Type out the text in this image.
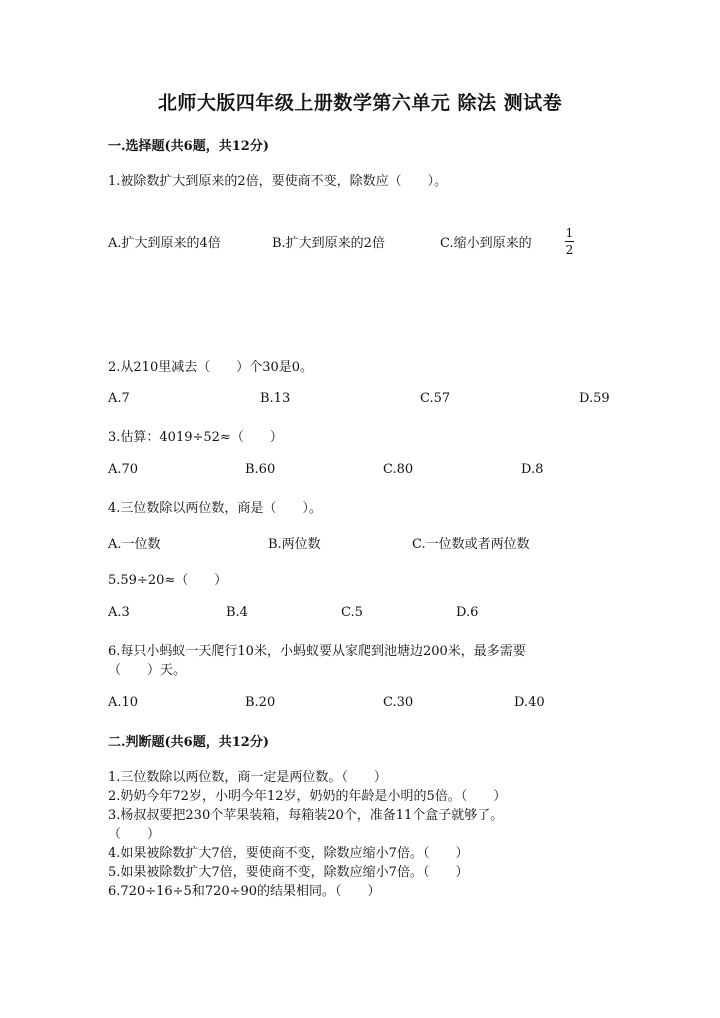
北师大版四年级上册数学第六单元 除法 测试卷
一.选择题(共6题，共12分)
1.被除数扩大到原来的2倍，要使商不变，除数应（　　）。
A.扩大到原来的4倍	B.扩大到原来的2倍	C.缩小到原来的	$\frac{1}{2}$
2.从210里减去（　　）个30是0。
A.7	B.13	C.57	D.59
3.估算：4019÷52≈（　　）
A.70	B.60	C.80	D.8
4.三位数除以两位数，商是（　　）。
A.一位数	B.两位数	C.一位数或者两位数
5.59÷20≈（　　）
A.3	B.4	C.5	D.6
6.每只小蚂蚁一天爬行10米，小蚂蚁要从家爬到池塘边200米，最多需要
（　　）天。
A.10	B.20	C.30	D.40
二.判断题(共6题，共12分)
1.三位数除以两位数，商一定是两位数。（　　）
2.奶奶今年72岁，小明今年12岁，奶奶的年龄是小明的5倍。（　　）
3.杨叔叔要把230个苹果装箱，每箱装20个，准备11个盒子就够了。
（　　）
4.如果被除数扩大7倍，要使商不变，除数应缩小7倍。（　　）
5.如果被除数扩大7倍，要使商不变，除数应缩小7倍。（　　）
6.720÷16÷5和720÷90的结果相同。（　　）
